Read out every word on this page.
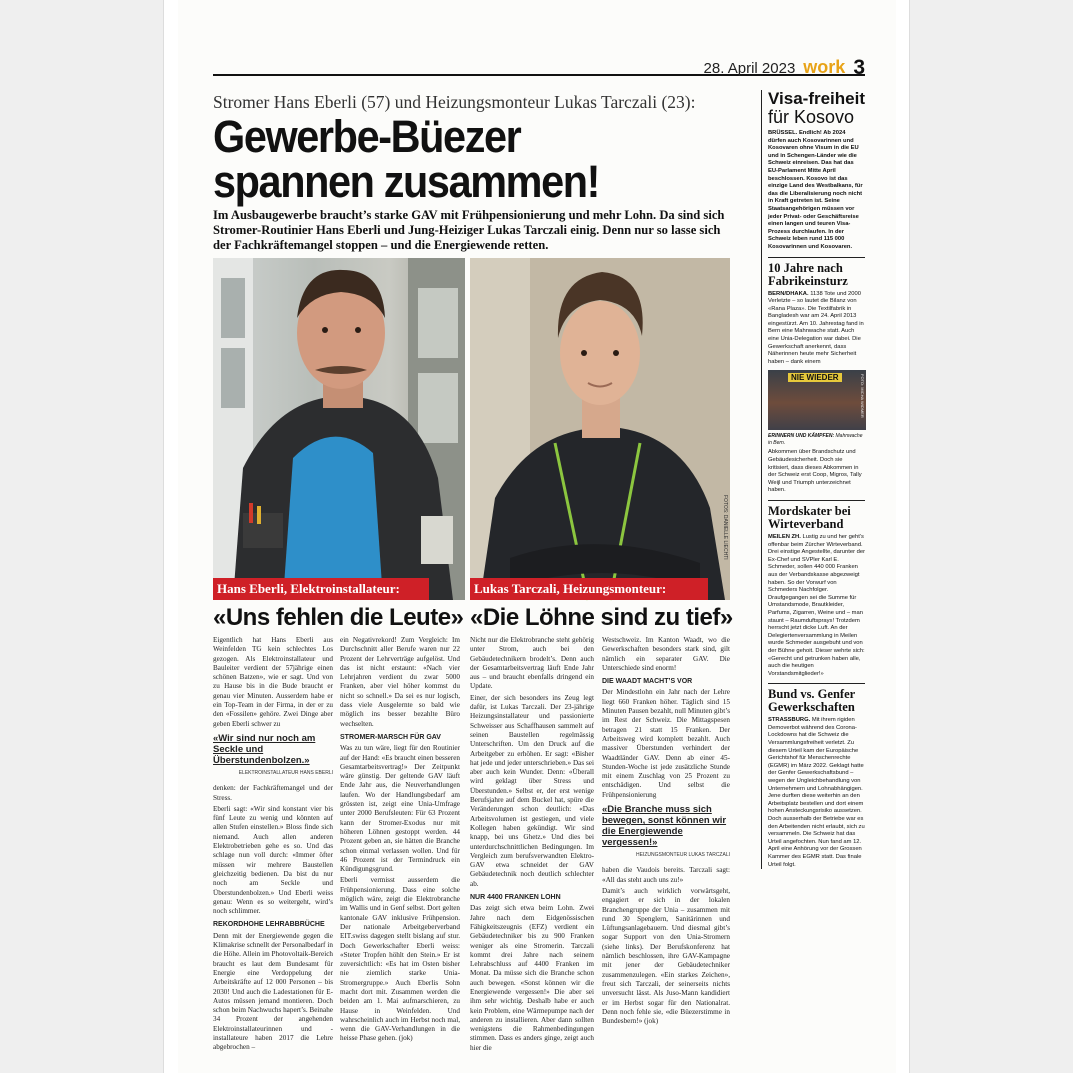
28. April 2023 work 3
Stromer Hans Eberli (57) und Heizungsmonteur Lukas Tarczali (23):
Gewerbe-Büezer
spannen zusammen!
Im Ausbaugewerbe braucht’s starke GAV mit Frühpensionierung und mehr Lohn. Da sind sich Stromer-Routinier Hans Eberli und Jung-Heiziger Lukas Tarczali einig. Denn nur so lasse sich der Fachkräftemangel stoppen – und die Energiewende retten.
Hans Eberli, Elektroinstallateur:	Lukas Tarczali, Heizungsmonteur:
FOTOS: DANIELLE LIECHTI
«Uns fehlen die Leute» «Die Löhne sind zu tief»

Eigentlich hat Hans Eberli aus Weinfelden TG kein schlechtes Los gezogen. Als Elektroinstallateur und Bauleiter verdient der 57jährige einen schönen Batzen», wie er sagt. Und von zu Hause bis in die Bude braucht er genau vier Minuten. Ausserdem habe er ein Top-Team in der Firma, in der er zu den «Fossilen» gehöre. Zwei Dinge aber geben Eberli schwer zu

«Wir sind nur noch am Seckle und Überstundenbolzen.»
ELEKTROINSTALLATEUR HANS EBERLI

denken: der Fachkräftemangel und der Stress.

Eberli sagt: «Wir sind konstant vier bis fünf Leute zu wenig und könnten auf allen Stufen einstellen.» Bloss finde sich niemand. Auch allen anderen Elektrobetrieben gehe es so. Und das schlage nun voll durch: «Immer öfter müssen wir mehrere Baustellen gleichzeitig bedienen. Da bist du nur noch am Seckle und Überstundenbolzen.» Und Eberli weiss genau: Wenn es so weitergeht, wird’s noch schlimmer.

REKORDHOHE LEHRABBRÜCHE

Denn mit der Energiewende gegen die Klimakrise schnellt der Personalbedarf in die Höhe. Allein im Photovoltaik-Bereich braucht es laut dem Bundesamt für Energie eine Verdoppelung der Arbeitskräfte auf 12 000 Personen – bis 2030! Und auch die Ladestationen für E-Autos müssen jemand montieren. Doch schon beim Nachwuchs hapert’s. Beinahe 34 Prozent der angehenden Elektroinstallateurinnen und -installateure haben 2017 die Lehre abgebrochen –

ein Negativrekord! Zum Vergleich: Im Durchschnitt aller Berufe waren nur 22 Prozent der Lehrverträge aufgelöst. Und das ist nicht erstaunt: «Nach vier Lehrjahren verdient du zwar 5000 Franken, aber viel höher kommst du nicht so schnell.» Da sei es nur logisch, dass viele Ausgelernte so bald wie möglich ins besser bezahlte Büro wechselten.

STROMER-MARSCH FÜR GAV

Was zu tun wäre, liegt für den Routinier auf der Hand: «Es braucht einen besseren Gesamtarbeitsvertrag!» Der Zeitpunkt wäre günstig. Der geltende GAV läuft Ende Jahr aus, die Neuverhandlungen laufen. Wo der Handlungsbedarf am grössten ist, zeigt eine Unia-Umfrage unter 2000 Berufsleuten: Für 63 Prozent kann der Stromer-Exodus nur mit höheren Löhnen gestoppt werden. 44 Prozent geben an, sie hätten die Branche schon einmal verlassen wollen. Und für 46 Prozent ist der Termindruck ein Kündigungsgrund.

Eberli vermisst ausserdem die Frühpensionierung. Dass eine solche möglich wäre, zeigt die Elektrobranche im Wallis und in Genf selbst. Dort gelten kantonale GAV inklusive Frühpension. Der nationale Arbeitgeberverband EIT.swiss dagegen stellt bislang auf stur. Doch Gewerkschafter Eberli weiss: «Steter Tropfen höhlt den Stein.» Er ist zuversichtlich: «Es hat im Osten bisher nie ziemlich starke Unia-Stromergruppe.» Auch Eberlis Sohn macht dort mit. Zusammen werden die beiden am 1. Mai aufmarschieren, zu Hause in Weinfelden. Und wahrscheinlich auch im Herbst noch mal, wenn die GAV-Verhandlungen in die heisse Phase gehen. (jok)

Nicht nur die Elektrobranche steht gehörig unter Strom, auch bei den Gebäudetechnikern brodelt’s. Denn auch der Gesamtarbeitsvertrag läuft Ende Jahr aus – und braucht ebenfalls dringend ein Update.

Einer, der sich besonders ins Zeug legt dafür, ist Lukas Tarczali. Der 23-jährige Heizungsinstallateur und passionierte Schweisser aus Schaffhausen sammelt auf seinen Baustellen regelmässig Unterschriften. Um den Druck auf die Arbeitgeber zu erhöhen. Er sagt: «Bisher hat jede und jeder unterschrieben.» Das sei aber auch kein Wunder. Denn: «Überall wird geklagt über Stress und Überstunden.» Selbst er, der erst wenige Berufsjahre auf dem Buckel hat, spüre die Veränderungen schon deutlich: «Das Arbeitsvolumen ist gestiegen, und viele Kollegen haben gekündigt. Wir sind knapp, bei uns Ghetz.» Und dies bei unterdurchschnittlichen Bedingungen. Im Vergleich zum berufsverwandten Elektro-GAV etwa schneidet der GAV Gebäudetechnik noch deutlich schlechter ab.

NUR 4400 FRANKEN LOHN

Das zeigt sich etwa beim Lohn. Zwei Jahre nach dem Eidgenössischen Fähigkeitszeugnis (EFZ) verdient ein Gebäudetechniker bis zu 900 Franken weniger als eine Stromerin. Tarczali kommt drei Jahre nach seinem Lehrabschluss auf 4400 Franken im Monat. Da müsse sich die Branche schon auch bewegen. «Sonst können wir die Energiewende vergessen!» Die aber sei ihm sehr wichtig. Deshalb habe er auch kein Problem, eine Wärmepumpe nach der anderen zu installieren. Aber dann sollten wenigstens die Rahmenbedingungen stimmen. Dass es anders ginge, zeigt auch hier die

Westschweiz. Im Kanton Waadt, wo die Gewerkschaften besonders stark sind, gilt nämlich ein separater GAV. Die Unterschiede sind enorm!

DIE WAADT MACHT’S VOR

Der Mindestlohn ein Jahr nach der Lehre liegt 660 Franken höher. Täglich sind 15 Minuten Pausen bezahlt, null Minuten gibt’s im Rest der Schweiz. Die Mittagspesen betragen 21 statt 15 Franken. Der Arbeitsweg wird komplett bezahlt. Auch massiver Überstunden verhindert der Waadtländer GAV. Denn ab einer 45-Stunden-Woche ist jede zusätzliche Stunde mit einem Zuschlag von 25 Prozent zu entschädigen. Und selbst die Frühpensionierung

«Die Branche muss sich bewegen, sonst können wir die Energiewende vergessen!»
HEIZUNGSMONTEUR LUKAS TARCZALI

haben die Vaudois bereits. Tarczali sagt: «All das steht auch uns zu!»

Damit’s auch wirklich vorwärtsgeht, engagiert er sich in der lokalen Branchengruppe der Unia – zusammen mit rund 30 Spenglern, Sanitärinnen und Lüftungsanlagebauern. Und diesmal gibt’s sogar Support von den Unia-Stromern (siehe links). Der Berufskonferenz hat nämlich beschlossen, ihre GAV-Kampagne mit jener der Gebäudetechniker zusammenzulegen. «Ein starkes Zeichen», freut sich Tarczali, der seinerseits nichts unversucht lässt. Als Juso-Mann kandidiert er im Herbst sogar für den Nationalrat. Denn noch fehle sie, «die Büezerstimme in Bundesbern!» (jok)

Visa-freiheit
für Kosovo
BRÜSSEL. Endlich! Ab 2024 dürfen auch Kosovarinnen und Kosovaren ohne Visum in die EU und in Schengen-Länder wie die Schweiz einreisen. Das hat das EU-Parlament Mitte April beschlossen. Kosovo ist das einzige Land des Westbalkans, für das die Liberalisierung noch nicht in Kraft getreten ist. Seine Staatsangehörigen müssen vor jeder Privat- oder Geschäftsreise einen langen und teuren Visa-Prozess durchlaufen. In der Schweiz leben rund 115 000 Kosovarinnen und Kosovaren.
10 Jahre nach Fabrikeinsturz
BERN/DHAKA. 1138 Tote und 2000 Verletzte – so lautet die Bilanz von «Rana Plaza». Die Textilfabrik in Bangladesh war am 24. April 2013 eingestürzt. Am 10. Jahrestag fand in Bern eine Mahnwache statt. Auch eine Unia-Delegation war dabei. Die Gewerkschaft anerkennt, dass Näherinnen heute mehr Sicherheit haben – dank einem
NIE WIEDER	FOTO: MICHA WIDMER
ERINNERN UND KÄMPFEN: Mahnwache in Bern.
Abkommen über Brandschutz und Gebäudesicherheit. Doch sie kritisiert, dass dieses Abkommen in der Schweiz erst Coop, Migros, Tally Weijl und Triumph unterzeichnet haben.
Mordskater bei Wirteverband
MEILEN ZH. Lustig zu und her geht’s offenbar beim Zürcher Wirteverband. Drei einstige Angestellte, darunter der Ex-Chef und SVPler Karl E. Schmeder, sollen 440 000 Franken aus der Verbandskasse abgezweigt haben. So der Vorwurf von Schmeders Nachfolger. Draufgegangen sei die Summe für Umstandsmode, Brautkleider, Parfums, Zigarren, Weine und – man staunt – Raumduftsprays! Trotzdem herrscht jetzt dicke Luft. An der Delegiertenversammlung in Meilen wurde Schmeder ausgebuht und von der Bühne gehoit. Dieser wehrte sich: «Gerecht und getrunken haben alle, auch die heutigen Vorstandsmitglieder!»
Bund vs. Genfer Gewerkschaften
STRASSBURG. Mit ihrem rigiden Demoverbot während des Corona-Lockdowns hat die Schweiz die Versammlungsfreiheit verletzt. Zu diesem Urteil kam der Europäische Gerichtshof für Menschenrechte (EGMR) im März 2022. Geklagt hatte der Genfer Gewerkschaftsbund – wegen der Ungleichbehandlung von Unternehmern und Lohnabhängigen. Jene durften diese weiterhin an den Arbeitsplatz bestellen und dort einem hohen Ansteckungsrisiko aussetzen. Doch ausserhalb der Betriebe war es den Arbeitenden nicht erlaubt, sich zu versammeln. Die Schweiz hat das Urteil angefochten. Nun fand am 12. April eine Anhörung vor der Grossen Kammer des EGMR statt. Das finale Urteil folgt.
